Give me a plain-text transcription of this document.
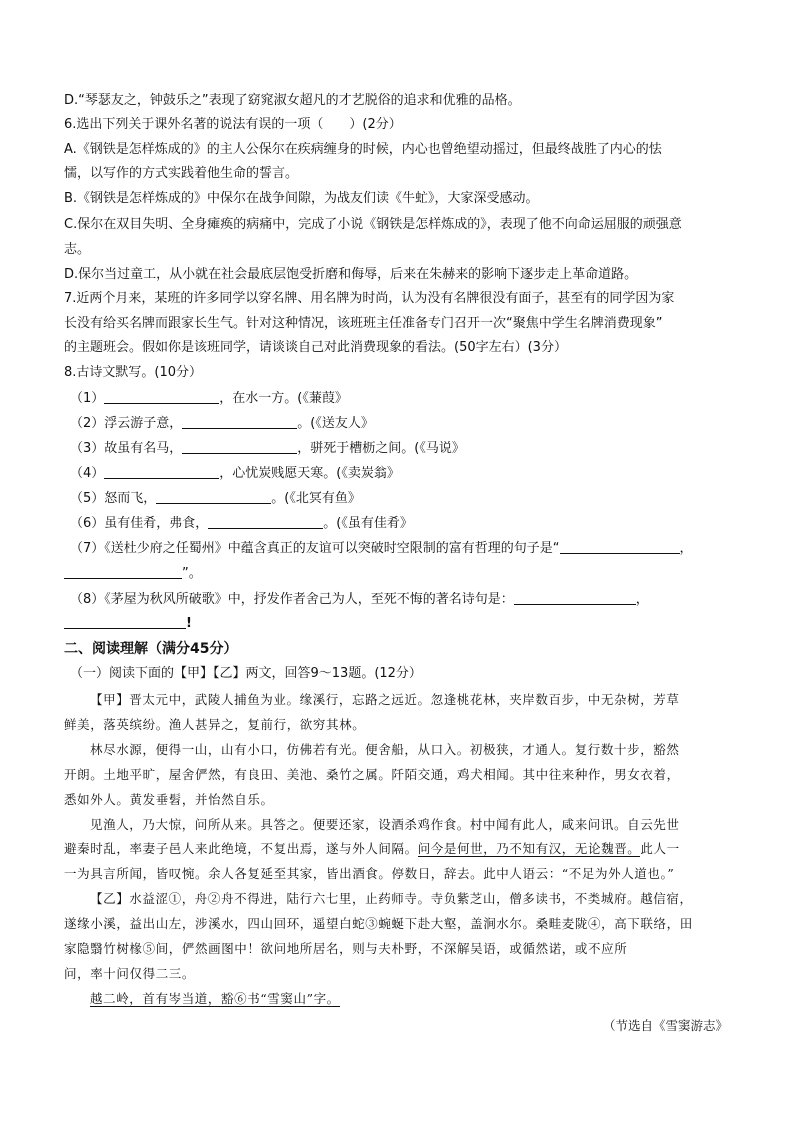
D.“琴瑟友之，钟鼓乐之”表现了窈窕淑女超凡的才艺脱俗的追求和优雅的品格。
6.选出下列关于课外名著的说法有误的一项（　　）(2分）
A.《钢铁是怎样炼成的》的主人公保尔在疾病缠身的时候，内心也曾绝望动摇过，但最终战胜了内心的怯
懦，以写作的方式实践着他生命的誓言。
B.《钢铁是怎样炼成的》中保尔在战争间隙，为战友们读《牛虻》，大家深受感动。
C.保尔在双目失明、全身瘫痪的病痛中，完成了小说《钢铁是怎样炼成的》，表现了他不向命运屈服的顽强意
志。
D.保尔当过童工，从小就在社会最底层饱受折磨和侮辱，后来在朱赫来的影响下逐步走上革命道路。
7.近两个月来，某班的许多同学以穿名牌、用名牌为时尚，认为没有名牌很没有面子，甚至有的同学因为家
长没有给买名牌而跟家长生气。针对这种情况，该班班主任准备专门召开一次“聚焦中学生名牌消费现象”
的主题班会。假如你是该班同学，请谈谈自己对此消费现象的看法。(50字左右）(3分）
8.古诗文默写。(10分）
（1）	，在水一方。(《蒹葭》
（2）浮云游子意，	。(《送友人》
（3）故虽有名马，	，骈死于槽枥之间。(《马说》
（4）	，心忧炭贱愿天寒。(《卖炭翁》
（5）怒而飞，	。(《北冥有鱼》
（6）虽有佳肴，弗食，	。(《虽有佳肴》
（7）《送杜少府之任蜀州》中蕴含真正的友谊可以突破时空限制的富有哲理的句子是“	，
”。
（8）《茅屋为秋风所破歌》中，抒发作者舍己为人，至死不悔的著名诗句是：	，
!
二、阅读理解（满分45分）
（一）阅读下面的【甲】【乙】两文，回答9～13题。(12分）
【甲】晋太元中，武陵人捕鱼为业。缘溪行，忘路之远近。忽逢桃花林，夹岸数百步，中无杂树，芳草
鲜美，落英缤纷。渔人甚异之，复前行，欲穷其林。
林尽水源，便得一山，山有小口，仿佛若有光。便舍船，从口入。初极狭，才通人。复行数十步，豁然
开朗。土地平旷，屋舍俨然，有良田、美池、桑竹之属。阡陌交通，鸡犬相闻。其中往来种作，男女衣着，
悉如外人。黄发垂髫，并怡然自乐。
见渔人，乃大惊，问所从来。具答之。便要还家，设酒杀鸡作食。村中闻有此人，咸来问讯。自云先世
避秦时乱，率妻子邑人来此绝境，不复出焉，遂与外人间隔。问今是何世，乃不知有汉，无论魏晋。此人一
一为具言所闻，皆叹惋。余人各复延至其家，皆出酒食。停数日，辞去。此中人语云：“不足为外人道也。”
【乙】水益涩①，舟②舟不得进，陆行六七里，止药师寺。寺负紫芝山，僧多读书，不类城府。越信宿，
遂缘小溪，益出山左，涉溪水，四山回环，遥望白蛇③蜿蜒下赴大壑，盖涧水尔。桑畦麦陇④，高下联络，田
家隐翳竹树椽⑤间，俨然画图中！欲问地所居名，则与夫朴野，不深解吴语，或循然诺，或不应所
问，率十问仅得二三。
越二岭，首有岑当道，豁⑥书“雪窦山”字。
（节选自《雪窦游志》
